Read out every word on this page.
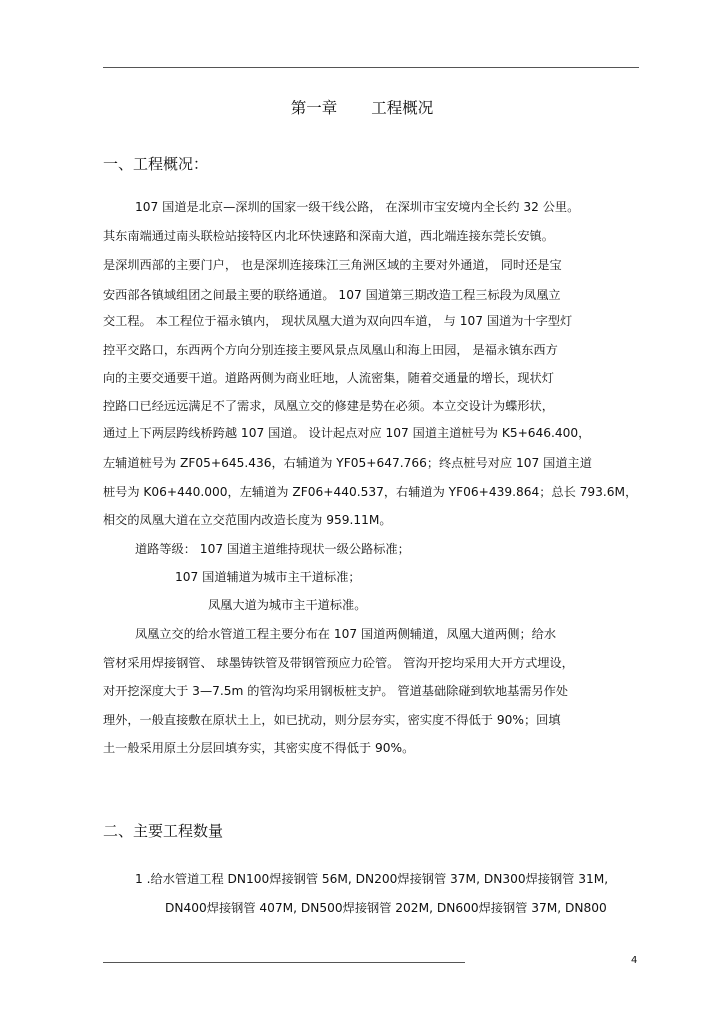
第一章 工程概况
一、工程概况：
107 国道是北京—深圳的国家一级干线公路， 在深圳市宝安境内全长约 32 公里。
其东南端通过南头联检站接特区内北环快速路和深南大道，西北端连接东莞长安镇。
是深圳西部的主要门户， 也是深圳连接珠江三角洲区域的主要对外通道， 同时还是宝
安西部各镇域组团之间最主要的联络通道。 107 国道第三期改造工程三标段为凤凰立
交工程。 本工程位于福永镇内， 现状凤凰大道为双向四车道， 与 107 国道为十字型灯
控平交路口，东西两个方向分别连接主要风景点凤凰山和海上田园， 是福永镇东西方
向的主要交通要干道。道路两侧为商业旺地，人流密集，随着交通量的增长，现状灯
控路口已经远远满足不了需求，凤凰立交的修建是势在必须。本立交设计为蝶形状，
通过上下两层跨线桥跨越 107 国道。 设计起点对应 107 国道主道桩号为 K5+646.400，
左辅道桩号为 ZF05+645.436，右辅道为 YF05+647.766；终点桩号对应 107 国道主道
桩号为 K06+440.000，左辅道为 ZF06+440.537，右辅道为 YF06+439.864；总长 793.6M，
相交的凤凰大道在立交范围内改造长度为 959.11M。
道路等级： 107 国道主道维持现状一级公路标准；
107 国道辅道为城市主干道标准；
凤凰大道为城市主干道标准。
凤凰立交的给水管道工程主要分布在 107 国道两侧辅道，凤凰大道两侧；给水
管材采用焊接钢管、 球墨铸铁管及带钢管预应力砼管。 管沟开挖均采用大开方式埋设，
对开挖深度大于 3—7.5m 的管沟均采用钢板桩支护。 管道基础除碰到软地基需另作处
理外，一般直接敷在原状土上，如已扰动，则分层夯实，密实度不得低于 90%；回填
土一般采用原土分层回填夯实，其密实度不得低于 90%。
二、主要工程数量
1 .给水管道工程 DN100焊接钢管 56M, DN200焊接钢管 37M, DN300焊接钢管 31M,
DN400焊接钢管 407M, DN500焊接钢管 202M, DN600焊接钢管 37M, DN800
4
